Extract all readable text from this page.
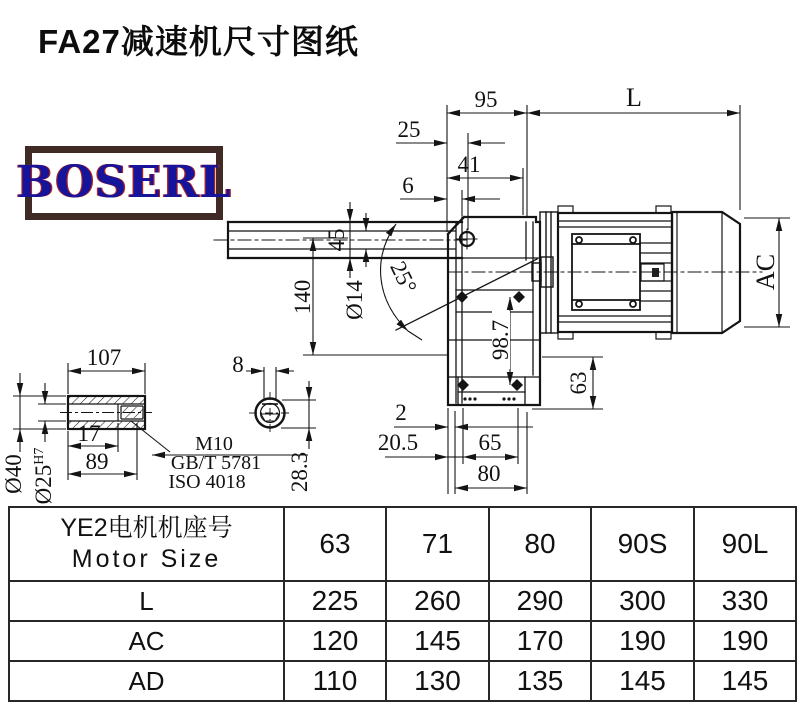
FA27减速机尺寸图纸
BOSERL
95	L
25
41
6
45
140 Ø14
25°
98.7
AC
63
2
20.5	65
80
107
17
89
Ø40 $Ø25^{H7}$
8
28.3
M10
GB/T 5781
ISO 4018
YE2电机机座号
Motor Size	63	71	80	90S	90L
L	225	260	290	300	330
AC	120	145	170	190	190
AD	110	130	135	145	145
